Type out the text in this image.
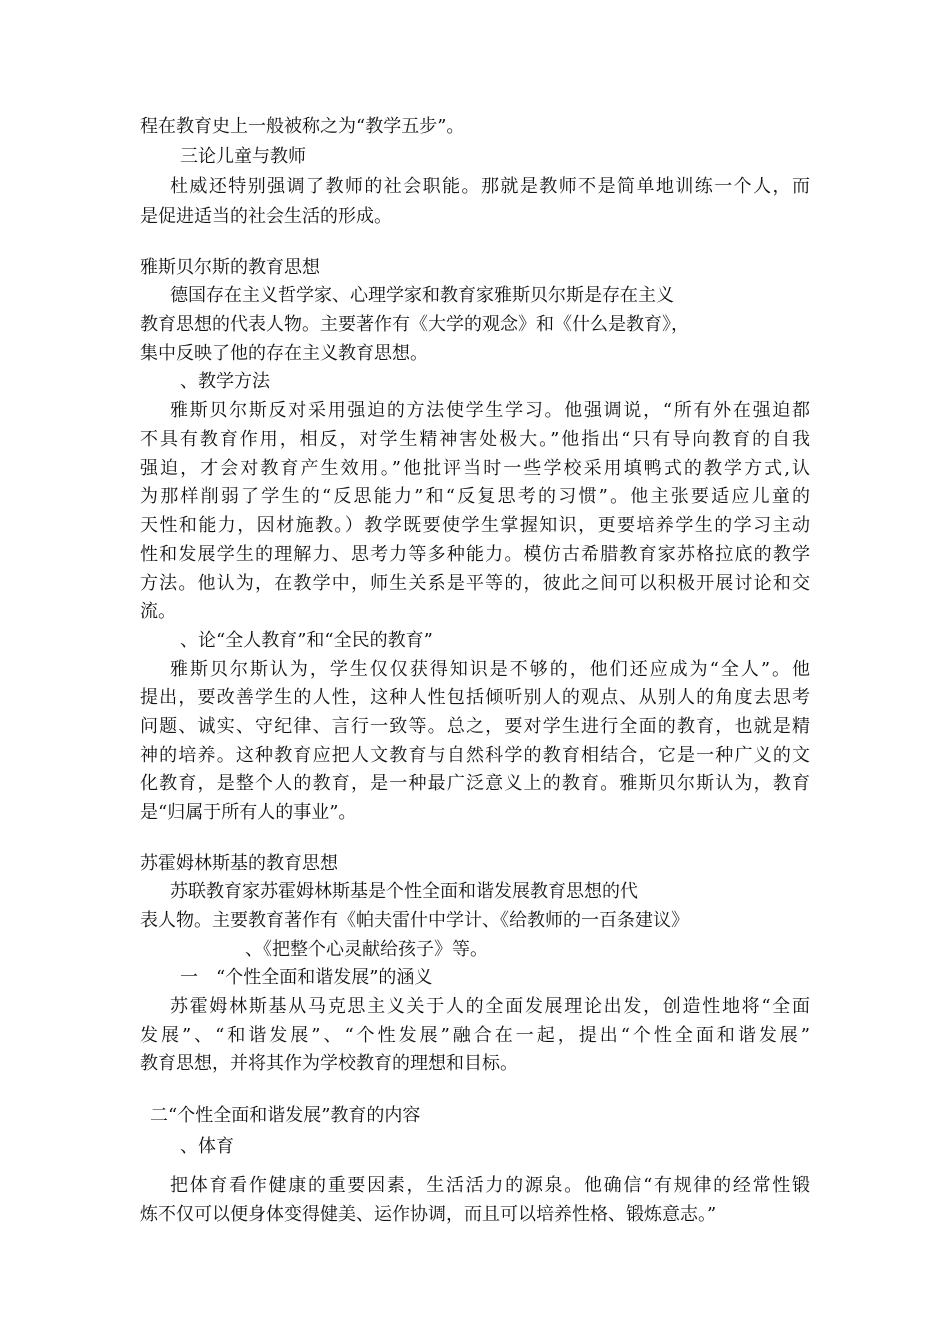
程在教育史上一般被称之为“教学五步”。
三论儿童与教师
杜威还特别强调了教师的社会职能。那就是教师不是简单地训练一个人，而
是促进适当的社会生活的形成。
雅斯贝尔斯的教育思想
德国存在主义哲学家、心理学家和教育家雅斯贝尔斯是存在主义
教育思想的代表人物。主要著作有《大学的观念》和《什么是教育》，
集中反映了他的存在主义教育思想。
、教学方法
雅斯贝尔斯反对采用强迫的方法使学生学习。他强调说，“所有外在强迫都
不具有教育作用，相反，对学生精神害处极大。”他指出“只有导向教育的自我
强迫，才会对教育产生效用。”他批评当时一些学校采用填鸭式的教学方式,认
为那样削弱了学生的“反思能力”和“反复思考的习惯”。他主张要适应儿童的
天性和能力，因材施教。）教学既要使学生掌握知识，更要培养学生的学习主动
性和发展学生的理解力、思考力等多种能力。模仿古希腊教育家苏格拉底的教学
方法。他认为，在教学中，师生关系是平等的，彼此之间可以积极开展讨论和交
流。
、论“全人教育”和“全民的教育”
雅斯贝尔斯认为，学生仅仅获得知识是不够的，他们还应成为“全人”。他
提出，要改善学生的人性，这种人性包括倾听别人的观点、从别人的角度去思考
问题、诚实、守纪律、言行一致等。总之，要对学生进行全面的教育，也就是精
神的培养。这种教育应把人文教育与自然科学的教育相结合，它是一种广义的文
化教育，是整个人的教育，是一种最广泛意义上的教育。雅斯贝尔斯认为，教育
是“归属于所有人的事业”。
苏霍姆林斯基的教育思想
苏联教育家苏霍姆林斯基是个性全面和谐发展教育思想的代
表人物。主要教育著作有《帕夫雷什中学计、《给教师的一百条建议》
、《把整个心灵献给孩子》等。
一　“个性全面和谐发展”的涵义
苏霍姆林斯基从马克思主义关于人的全面发展理论出发，创造性地将“全面
发展”、“和谐发展”、“个性发展”融合在一起，提出“个性全面和谐发展”
教育思想，并将其作为学校教育的理想和目标。
二“个性全面和谐发展”教育的内容
、体育
把体育看作健康的重要因素，生活活力的源泉。他确信“有规律的经常性锻
炼不仅可以便身体变得健美、运作协调，而且可以培养性格、锻炼意志。”
